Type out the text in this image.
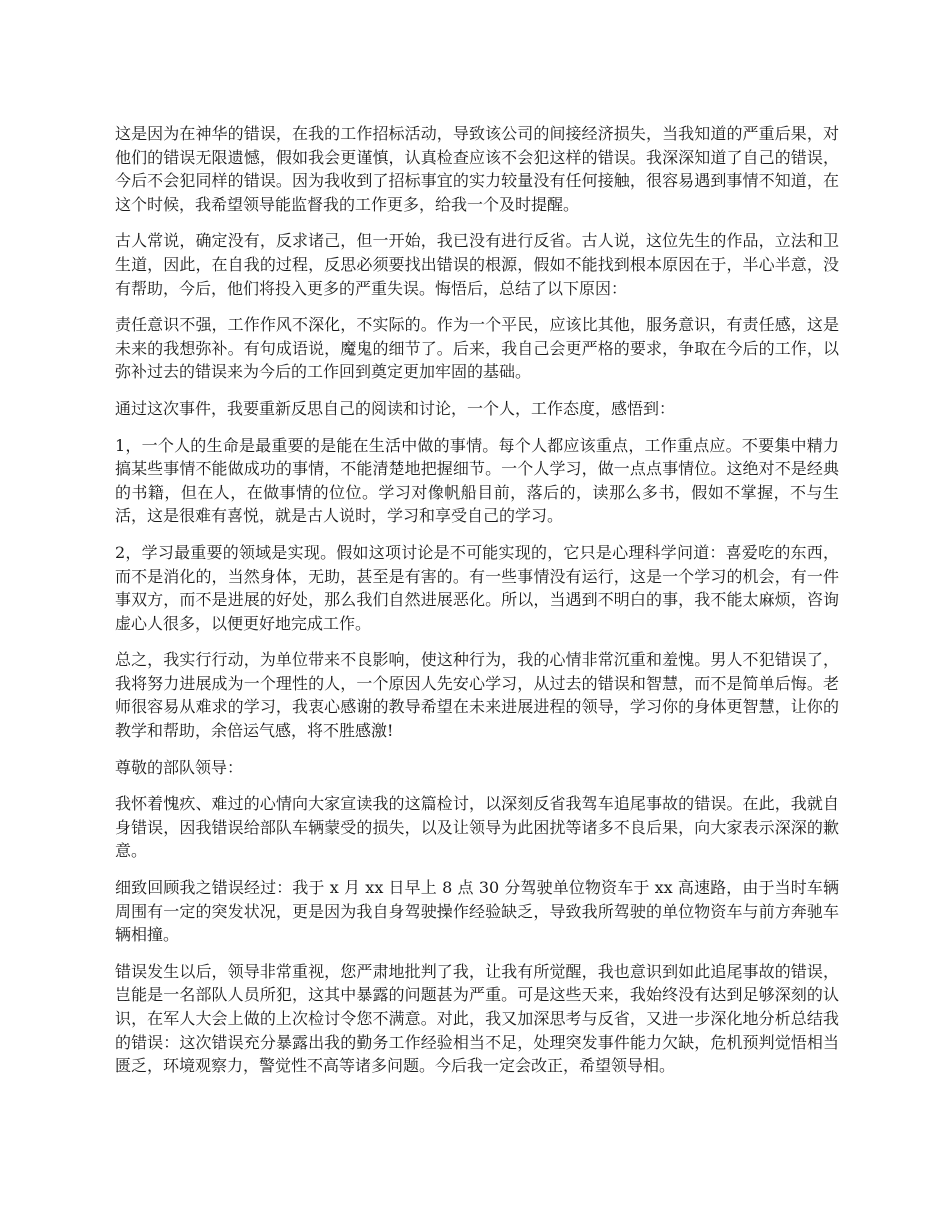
这是因为在神华的错误，在我的工作招标活动，导致该公司的间接经济损失，当我知道的严重后果，对他们的错误无限遗憾，假如我会更谨慎，认真检查应该不会犯这样的错误。我深深知道了自己的错误，今后不会犯同样的错误。因为我收到了招标事宜的实力较量没有任何接触，很容易遇到事情不知道，在这个时候，我希望领导能监督我的工作更多，给我一个及时提醒。

古人常说，确定没有，反求诸己，但一开始，我已没有进行反省。古人说，这位先生的作品，立法和卫生道，因此，在自我的过程，反思必须要找出错误的根源，假如不能找到根本原因在于，半心半意，没有帮助，今后，他们将投入更多的严重失误。悔悟后，总结了以下原因：

责任意识不强，工作作风不深化，不实际的。作为一个平民，应该比其他，服务意识，有责任感，这是未来的我想弥补。有句成语说，魔鬼的细节了。后来，我自己会更严格的要求，争取在今后的工作，以弥补过去的错误来为今后的工作回到奠定更加牢固的基础。

通过这次事件，我要重新反思自己的阅读和讨论，一个人，工作态度，感悟到：

1，一个人的生命是最重要的是能在生活中做的事情。每个人都应该重点，工作重点应。不要集中精力搞某些事情不能做成功的事情，不能清楚地把握细节。一个人学习，做一点点事情位。这绝对不是经典的书籍，但在人，在做事情的位位。学习对像帆船目前，落后的，读那么多书，假如不掌握，不与生活，这是很难有喜悦，就是古人说时，学习和享受自己的学习。

2，学习最重要的领域是实现。假如这项讨论是不可能实现的，它只是心理科学问道：喜爱吃的东西，而不是消化的，当然身体，无助，甚至是有害的。有一些事情没有运行，这是一个学习的机会，有一件事双方，而不是进展的好处，那么我们自然进展恶化。所以，当遇到不明白的事，我不能太麻烦，咨询虚心人很多，以便更好地完成工作。

总之，我实行行动，为单位带来不良影响，使这种行为，我的心情非常沉重和羞愧。男人不犯错误了，我将努力进展成为一个理性的人，一个原因人先安心学习，从过去的错误和智慧，而不是简单后悔。老师很容易从难求的学习，我衷心感谢的教导希望在未来进展进程的领导，学习你的身体更智慧，让你的教学和帮助，余倍运气感，将不胜感激!

尊敬的部队领导：

我怀着愧疚、难过的心情向大家宣读我的这篇检讨，以深刻反省我驾车追尾事故的错误。在此，我就自身错误，因我错误给部队车辆蒙受的损失，以及让领导为此困扰等诸多不良后果，向大家表示深深的歉意。

细致回顾我之错误经过：我于 x 月 xx 日早上 8 点 30 分驾驶单位物资车于 xx 高速路，由于当时车辆周围有一定的突发状况，更是因为我自身驾驶操作经验缺乏，导致我所驾驶的单位物资车与前方奔驰车辆相撞。

错误发生以后，领导非常重视，您严肃地批判了我，让我有所觉醒，我也意识到如此追尾事故的错误，岂能是一名部队人员所犯，这其中暴露的问题甚为严重。可是这些天来，我始终没有达到足够深刻的认识，在军人大会上做的上次检讨令您不满意。对此，我又加深思考与反省，又进一步深化地分析总结我的错误：这次错误充分暴露出我的勤务工作经验相当不足，处理突发事件能力欠缺，危机预判觉悟相当匮乏，环境观察力，警觉性不高等诸多问题。今后我一定会改正，希望领导相。
